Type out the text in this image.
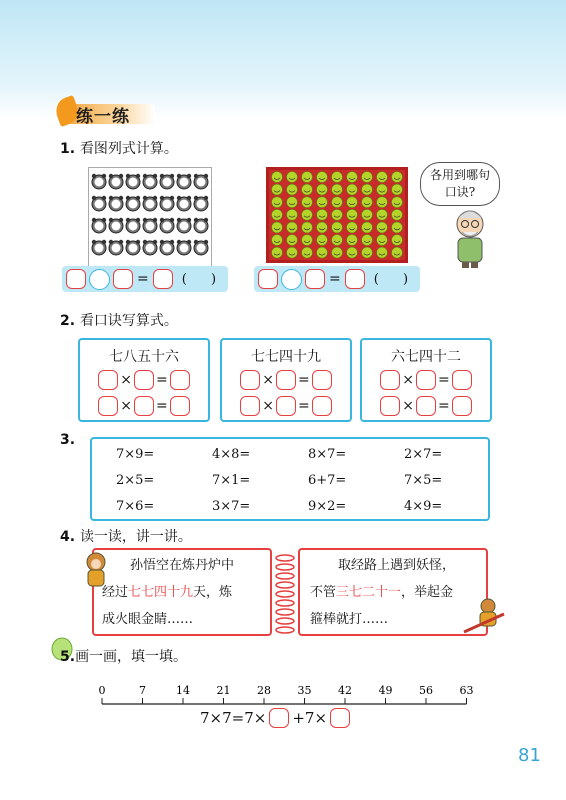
练一练
1. 看图列式计算。
=	( )	=	( )
各用到哪句
口诀?
2. 看口诀写算式。
七八五十六
× =
× =
七七四十九
× =
× =
六七四十二
× =
× =
3.
7×9=	4×8=	8×7=	2×7=
2×5=	7×1=	6+7=	7×5=
7×6=	3×7=	9×2=	4×9=
4. 读一读，讲一讲。
孙悟空在炼丹炉中
经过七七四十九天，炼
成火眼金睛……
取经路上遇到妖怪，
不管三七二十一，举起金
箍棒就打……
5.画一画，填一填。
0	7	14 21 28 35 42 49 56 63
7×7=7× +7×
81
